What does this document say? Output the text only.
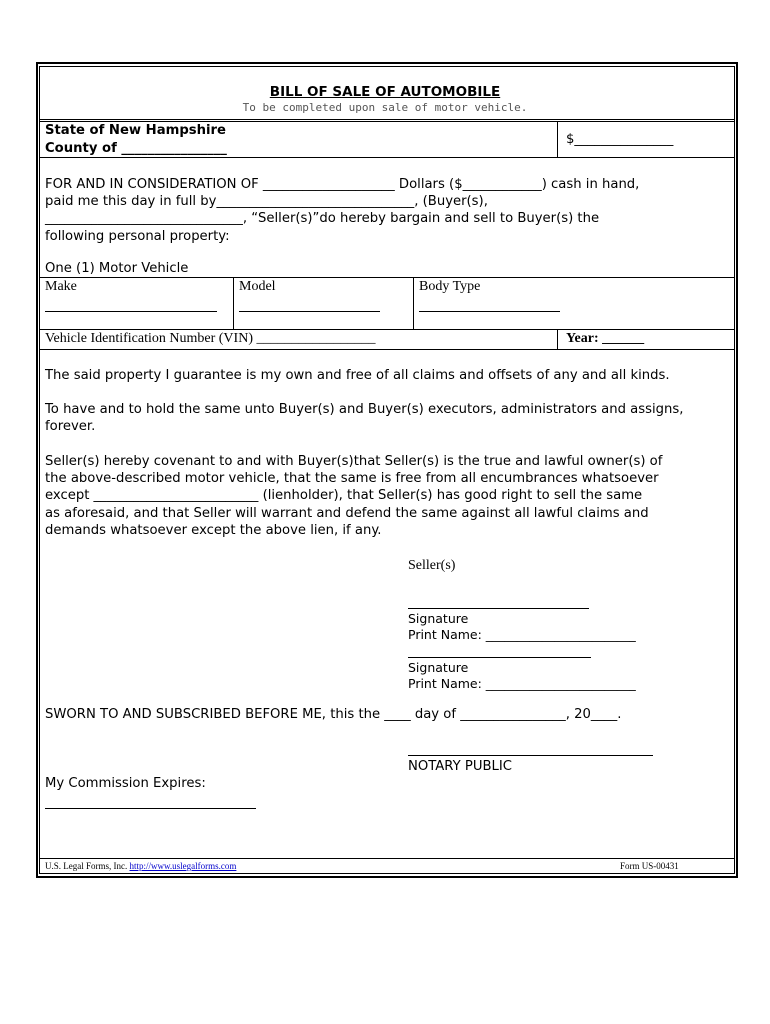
BILL OF SALE OF AUTOMOBILE
To be completed upon sale of motor vehicle.
State of New Hampshire
County of ________________
$_______________
FOR AND IN CONSIDERATION OF ____________________ Dollars ($____________) cash in hand,
paid me this day in full by______________________________, (Buyer(s),
______________________________, “Seller(s)”do hereby bargain and sell to Buyer(s) the
following personal property:
One (1) Motor Vehicle
Make	Model	Body Type
Vehicle Identification Number (VIN) _________________	Year: ______
The said property I guarantee is my own and free of all claims and offsets of any and all kinds.
To have and to hold the same unto Buyer(s) and Buyer(s) executors, administrators and assigns,
forever.
Seller(s) hereby covenant to and with Buyer(s)that Seller(s) is the true and lawful owner(s) of
the above-described motor vehicle, that the same is free from all encumbrances whatsoever
except _________________________ (lienholder), that Seller(s) has good right to sell the same
as aforesaid, and that Seller will warrant and defend the same against all lawful claims and
demands whatsoever except the above lien, if any.
Seller(s)
Signature
Print Name: ________________________
Signature
Print Name: ________________________
SWORN TO AND SUBSCRIBED BEFORE ME, this the ____ day of ________________, 20____.
NOTARY PUBLIC
My Commission Expires:
U.S. Legal Forms, Inc. http://www.uslegalforms.com	Form US-00431
